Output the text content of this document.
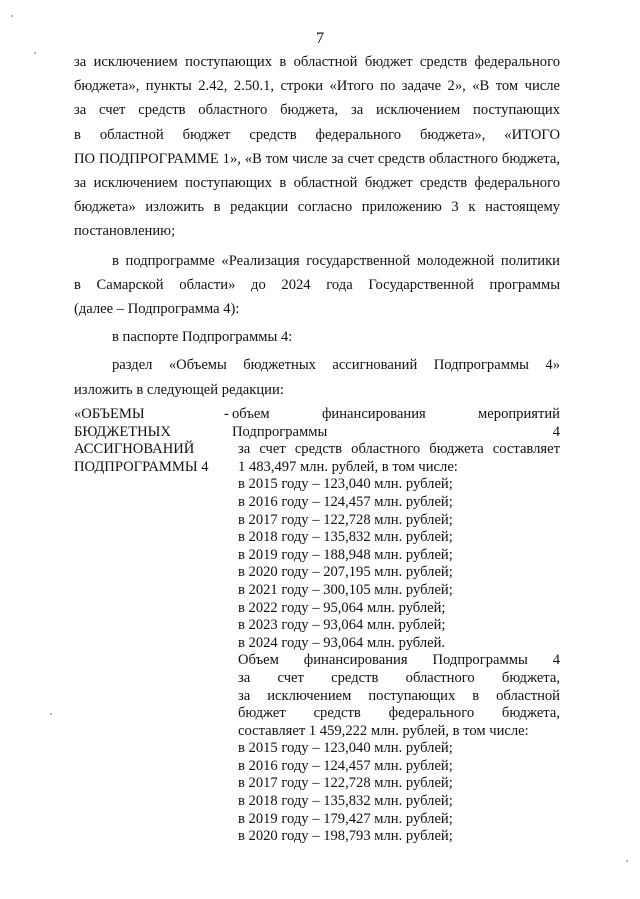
7
за исключением поступающих в областной бюджет средств федерального
бюджета», пункты 2.42, 2.50.1, строки «Итого по задаче 2», «В том числе
за счет средств областного бюджета, за исключением поступающих
в областной бюджет средств федерального бюджета», «ИТОГО
ПО ПОДПРОГРАММЕ 1», «В том числе за счет средств областного бюджета,
за исключением поступающих в областной бюджет средств федерального
бюджета» изложить в редакции согласно приложению 3 к настоящему
постановлению;
в подпрограмме «Реализация государственной молодежной политики
в Самарской области» до 2024 года Государственной программы
(далее – Подпрограмма 4):
в паспорте Подпрограммы 4:
раздел «Объемы бюджетных ассигнований Подпрограммы 4»
изложить в следующей редакции:
«ОБЪЕМЫ
БЮДЖЕТНЫХ
АССИГНОВАНИЙ
ПОДПРОГРАММЫ 4
- объем финансирования мероприятий Подпрограммы 4
за счет средств областного бюджета составляет
1 483,497 млн. рублей, в том числе:
в 2015 году – 123,040 млн. рублей;
в 2016 году – 124,457 млн. рублей;
в 2017 году – 122,728 млн. рублей;
в 2018 году – 135,832 млн. рублей;
в 2019 году – 188,948 млн. рублей;
в 2020 году – 207,195 млн. рублей;
в 2021 году – 300,105 млн. рублей;
в 2022 году – 95,064 млн. рублей;
в 2023 году – 93,064 млн. рублей;
в 2024 году – 93,064 млн. рублей.
Объем финансирования Подпрограммы 4
за счет средств областного бюджета,
за исключением поступающих в областной
бюджет средств федерального бюджета,
составляет 1 459,222 млн. рублей, в том числе:
в 2015 году – 123,040 млн. рублей;
в 2016 году – 124,457 млн. рублей;
в 2017 году – 122,728 млн. рублей;
в 2018 году – 135,832 млн. рублей;
в 2019 году – 179,427 млн. рублей;
в 2020 году – 198,793 млн. рублей;
